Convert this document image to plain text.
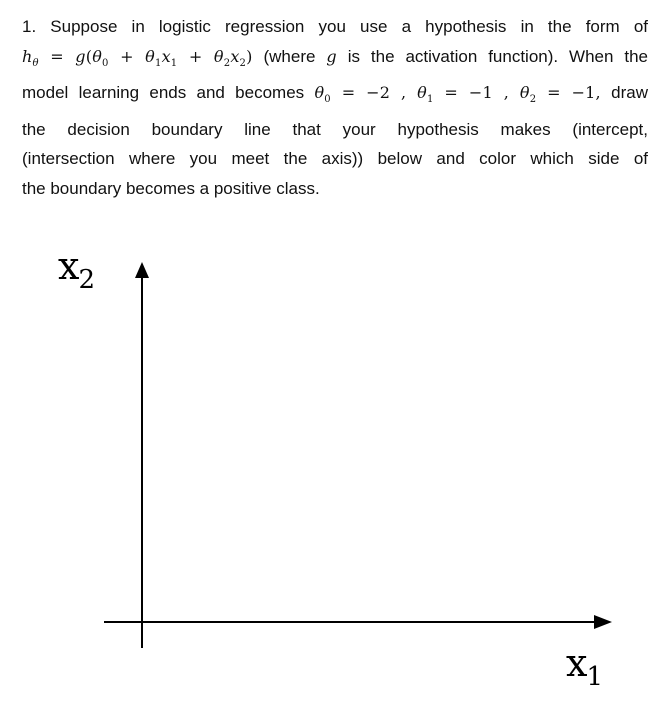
1. Suppose in logistic regression you use a hypothesis in the form of
$h_\theta = g(\theta_0 + \theta_1x_1 + \theta_2x_2)$ (where g is the activation function). When the
model learning ends and becomes $\theta_0 = -2$ , $\theta_1 = -1$ , $\theta_2 = -1$, draw
the decision boundary line that your hypothesis makes (intercept,
(intersection where you meet the axis)) below and color which side of
the boundary becomes a positive class.
x2
x1
